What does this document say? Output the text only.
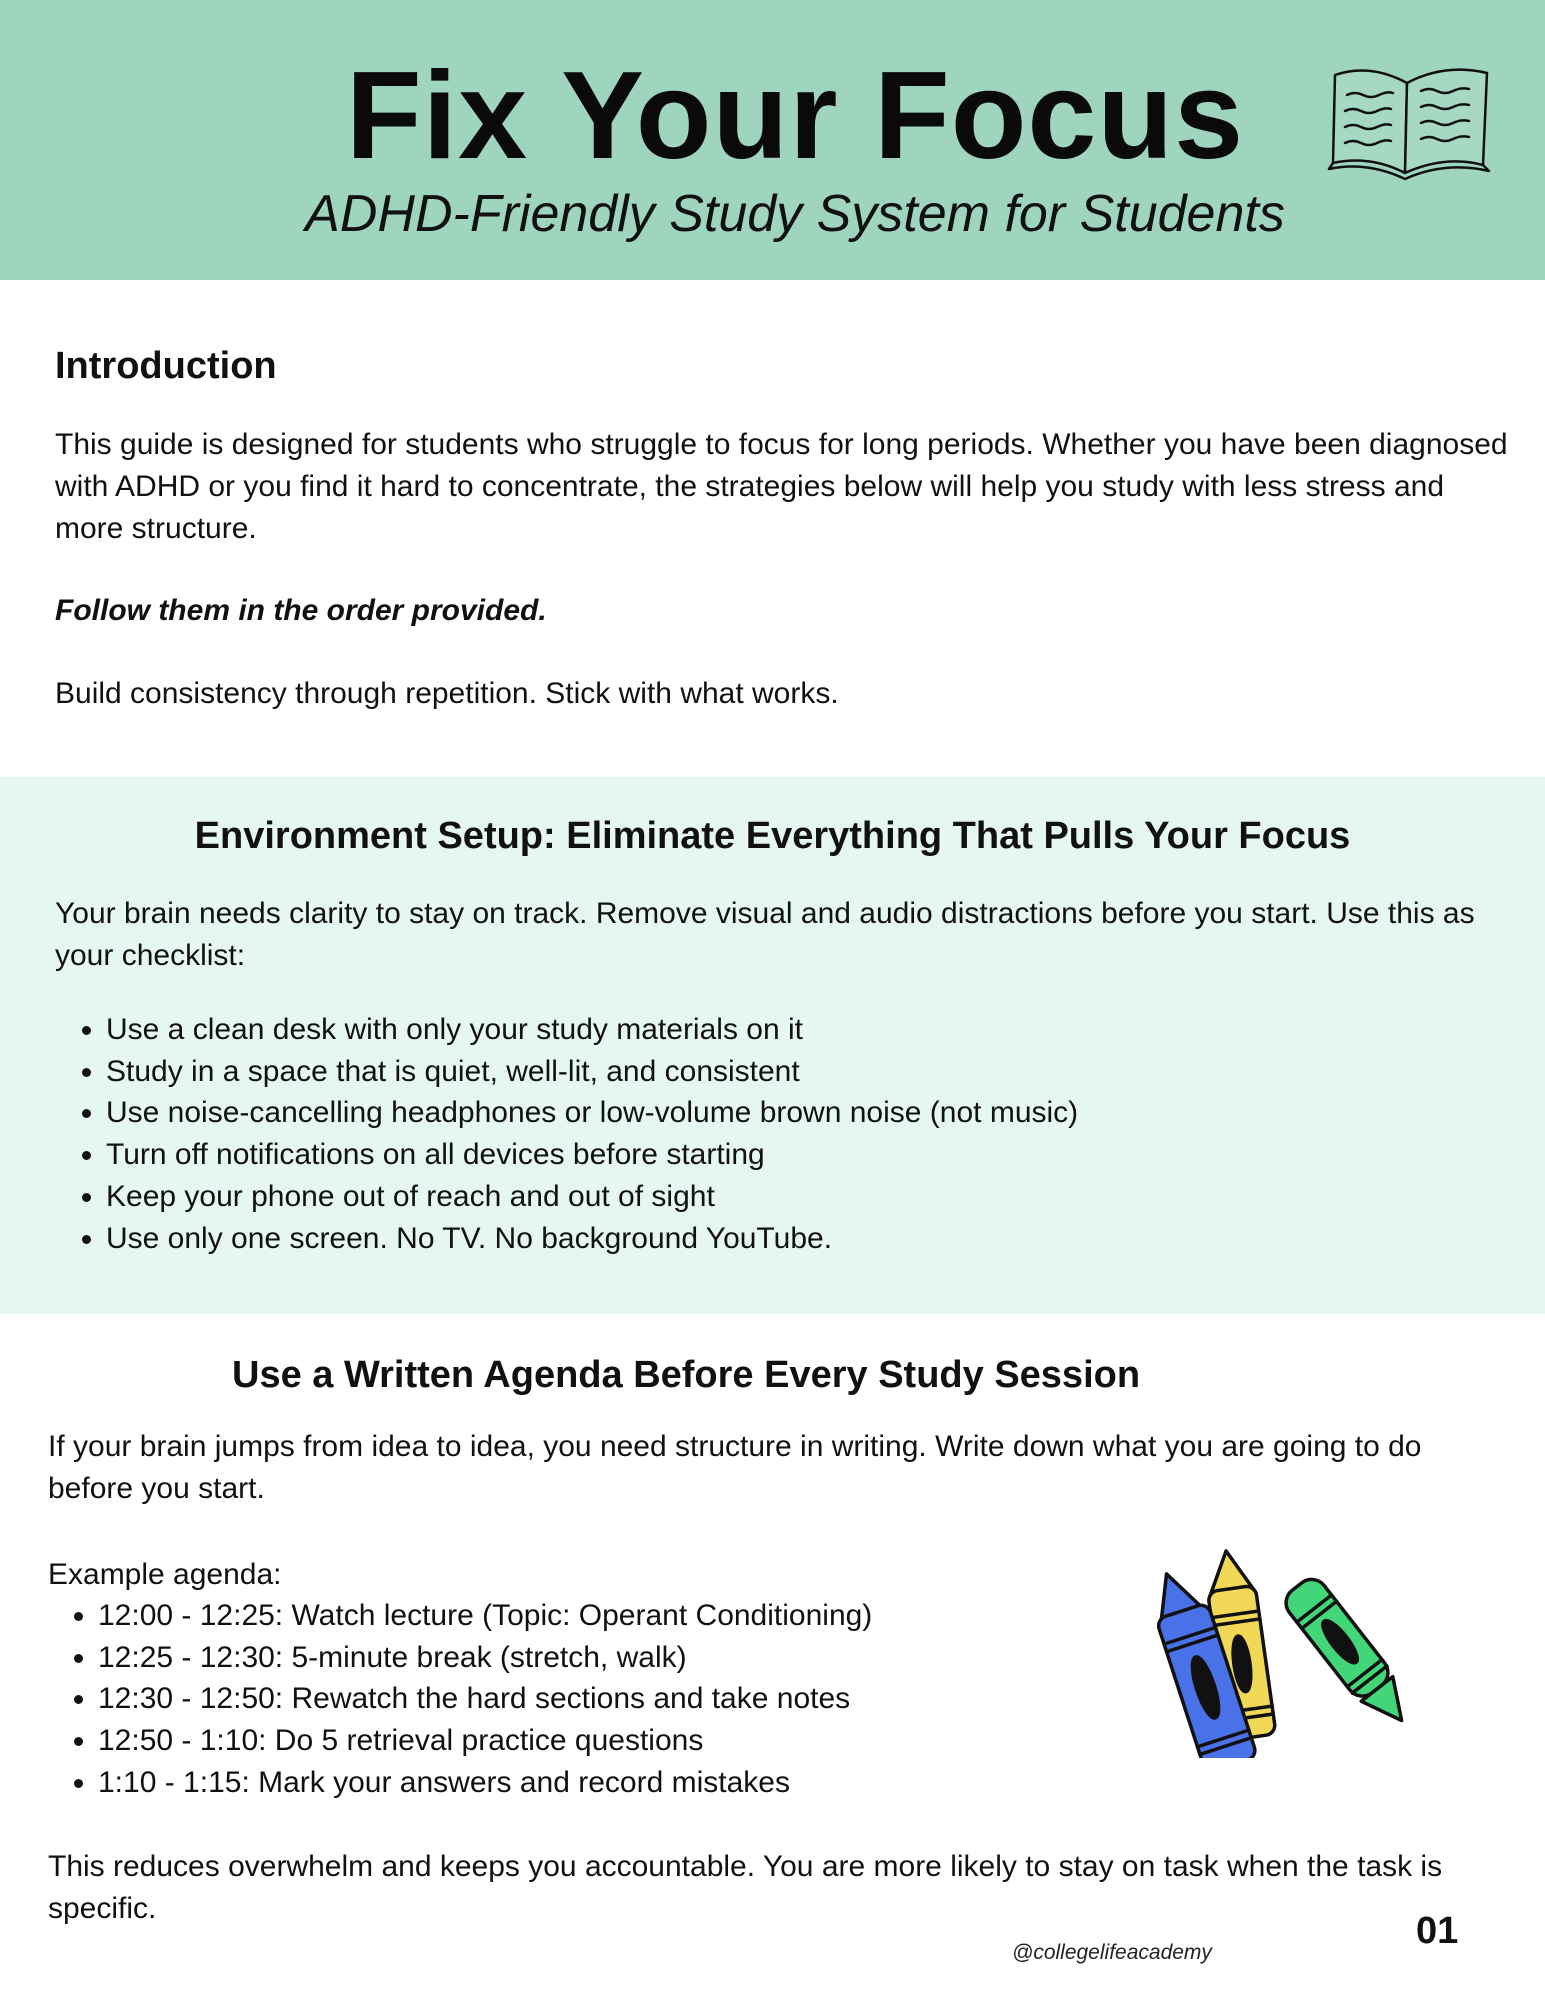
Fix Your Focus

ADHD-Friendly Study System for Students

Introduction

This guide is designed for students who struggle to focus for long periods. Whether you have been diagnosed with ADHD or you find it hard to concentrate, the strategies below will help you study with less stress and more structure.

Follow them in the order provided.

Build consistency through repetition. Stick with what works.

Environment Setup: Eliminate Everything That Pulls Your Focus

Your brain needs clarity to stay on track. Remove visual and audio distractions before you start. Use this as your checklist:

• Use a clean desk with only your study materials on it
• Study in a space that is quiet, well-lit, and consistent
• Use noise-cancelling headphones or low-volume brown noise (not music)
• Turn off notifications on all devices before starting
• Keep your phone out of reach and out of sight
• Use only one screen. No TV. No background YouTube.
Use a Written Agenda Before Every Study Session

If your brain jumps from idea to idea, you need structure in writing. Write down what you are going to do before you start.

Example agenda:

• 12:00 - 12:25: Watch lecture (Topic: Operant Conditioning)
• 12:25 - 12:30: 5-minute break (stretch, walk)
• 12:30 - 12:50: Rewatch the hard sections and take notes
• 12:50 - 1:10: Do 5 retrieval practice questions
• 1:10 - 1:15: Mark your answers and record mistakes

This reduces overwhelm and keeps you accountable. You are more likely to stay on task when the task is specific.

@collegelifeacademy

01
